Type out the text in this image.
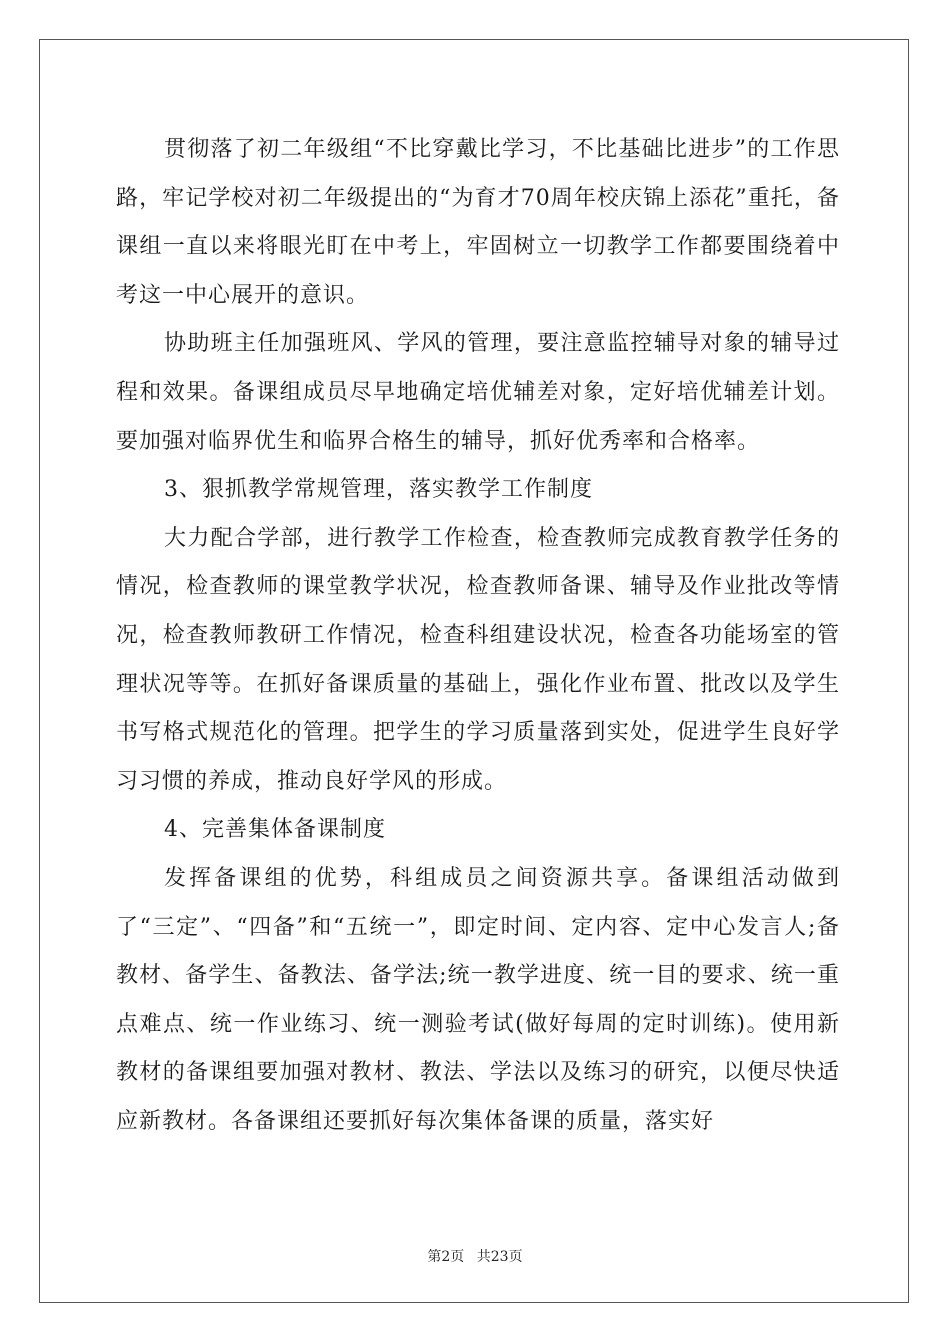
贯彻落了初二年级组“不比穿戴比学习，不比基础比进步”的工作思路，牢记学校对初二年级提出的“为育才70周年校庆锦上添花”重托，备课组一直以来将眼光盯在中考上，牢固树立一切教学工作都要围绕着中考这一中心展开的意识。

协助班主任加强班风、学风的管理，要注意监控辅导对象的辅导过程和效果。备课组成员尽早地确定培优辅差对象，定好培优辅差计划。要加强对临界优生和临界合格生的辅导，抓好优秀率和合格率。

3、狠抓教学常规管理，落实教学工作制度

大力配合学部，进行教学工作检查，检查教师完成教育教学任务的情况，检查教师的课堂教学状况，检查教师备课、辅导及作业批改等情况，检查教师教研工作情况，检查科组建设状况，检查各功能场室的管理状况等等。在抓好备课质量的基础上，强化作业布置、批改以及学生书写格式规范化的管理。把学生的学习质量落到实处，促进学生良好学习习惯的养成，推动良好学风的形成。

4、完善集体备课制度

发挥备课组的优势，科组成员之间资源共享。备课组活动做到了“三定”、“四备”和“五统一”，即定时间、定内容、定中心发言人;备教材、备学生、备教法、备学法;统一教学进度、统一目的要求、统一重点难点、统一作业练习、统一测验考试(做好每周的定时训练)。使用新教材的备课组要加强对教材、教法、学法以及练习的研究，以便尽快适应新教材。各备课组还要抓好每次集体备课的质量，落实好

第2页 共23页
